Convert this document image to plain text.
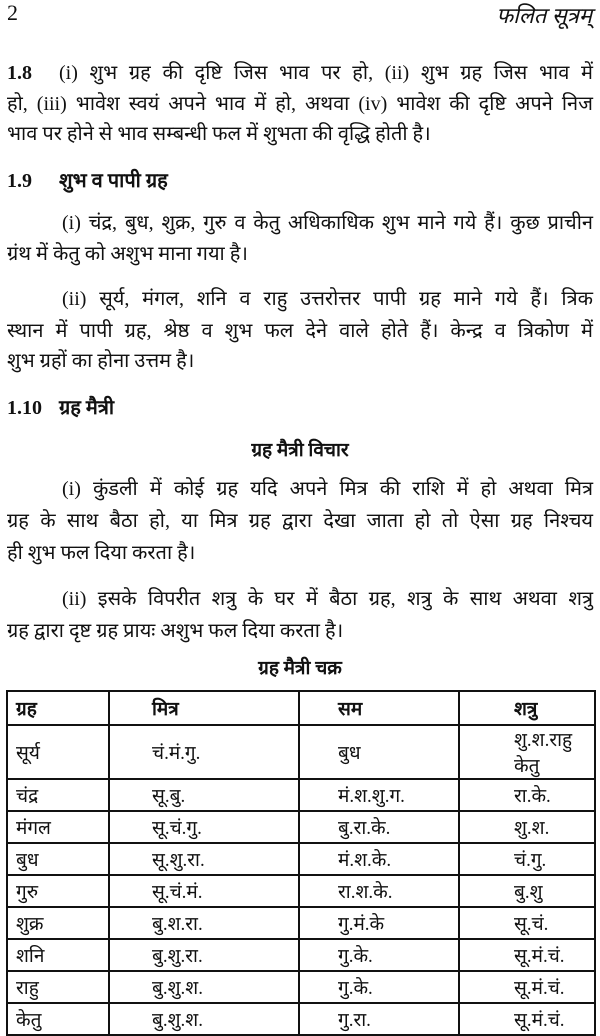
2	फलित सूत्रम्
1.8 (i) शुभ ग्रह की दृष्टि जिस भाव पर हो, (ii) शुभ ग्रह जिस भाव में
हो, (iii) भावेश स्वयं अपने भाव में हो, अथवा (iv) भावेश की दृष्टि अपने निज
भाव पर होने से भाव सम्बन्धी फल में शुभता की वृद्धि होती है।
1.9 शुभ व पापी ग्रह
(i) चंद्र, बुध, शुक्र, गुरु व केतु अधिकाधिक शुभ माने गये हैं। कुछ प्राचीन
ग्रंथ में केतु को अशुभ माना गया है।
(ii) सूर्य, मंगल, शनि व राहु उत्तरोत्तर पापी ग्रह माने गये हैं। त्रिक
स्थान में पापी ग्रह, श्रेष्ठ व शुभ फल देने वाले होते हैं। केन्द्र व त्रिकोण में
शुभ ग्रहों का होना उत्तम है।
1.10 ग्रह मैत्री
ग्रह मैत्री विचार
(i) कुंडली में कोई ग्रह यदि अपने मित्र की राशि में हो अथवा मित्र
ग्रह के साथ बैठा हो, या मित्र ग्रह द्वारा देखा जाता हो तो ऐसा ग्रह निश्चय
ही शुभ फल दिया करता है।
(ii) इसके विपरीत शत्रु के घर में बैठा ग्रह, शत्रु के साथ अथवा शत्रु
ग्रह द्वारा दृष्ट ग्रह प्रायः अशुभ फल दिया करता है।
ग्रह मैत्री चक्र
ग्रह	मित्र	सम	शत्रु
सूर्य	चं.मं.गु.	बुध	शु.श.राहु केतु
चंद्र	सू.बु.	मं.श.शु.ग.	रा.के.
मंगल	सू.चं.गु.	बु.रा.के.	शु.श.
बुध	सू.शु.रा.	मं.श.के.	चं.गु.
गुरु	सू.चं.मं.	रा.श.के.	बु.शु
शुक्र	बु.श.रा.	गु.मं.के	सू.चं.
शनि	बु.शु.रा.	गु.के.	सू.मं.चं.
राहु	बु.शु.श.	गु.के.	सू.मं.चं.
केतु	बु.शु.श.	गु.रा.	सू.मं.चं.
